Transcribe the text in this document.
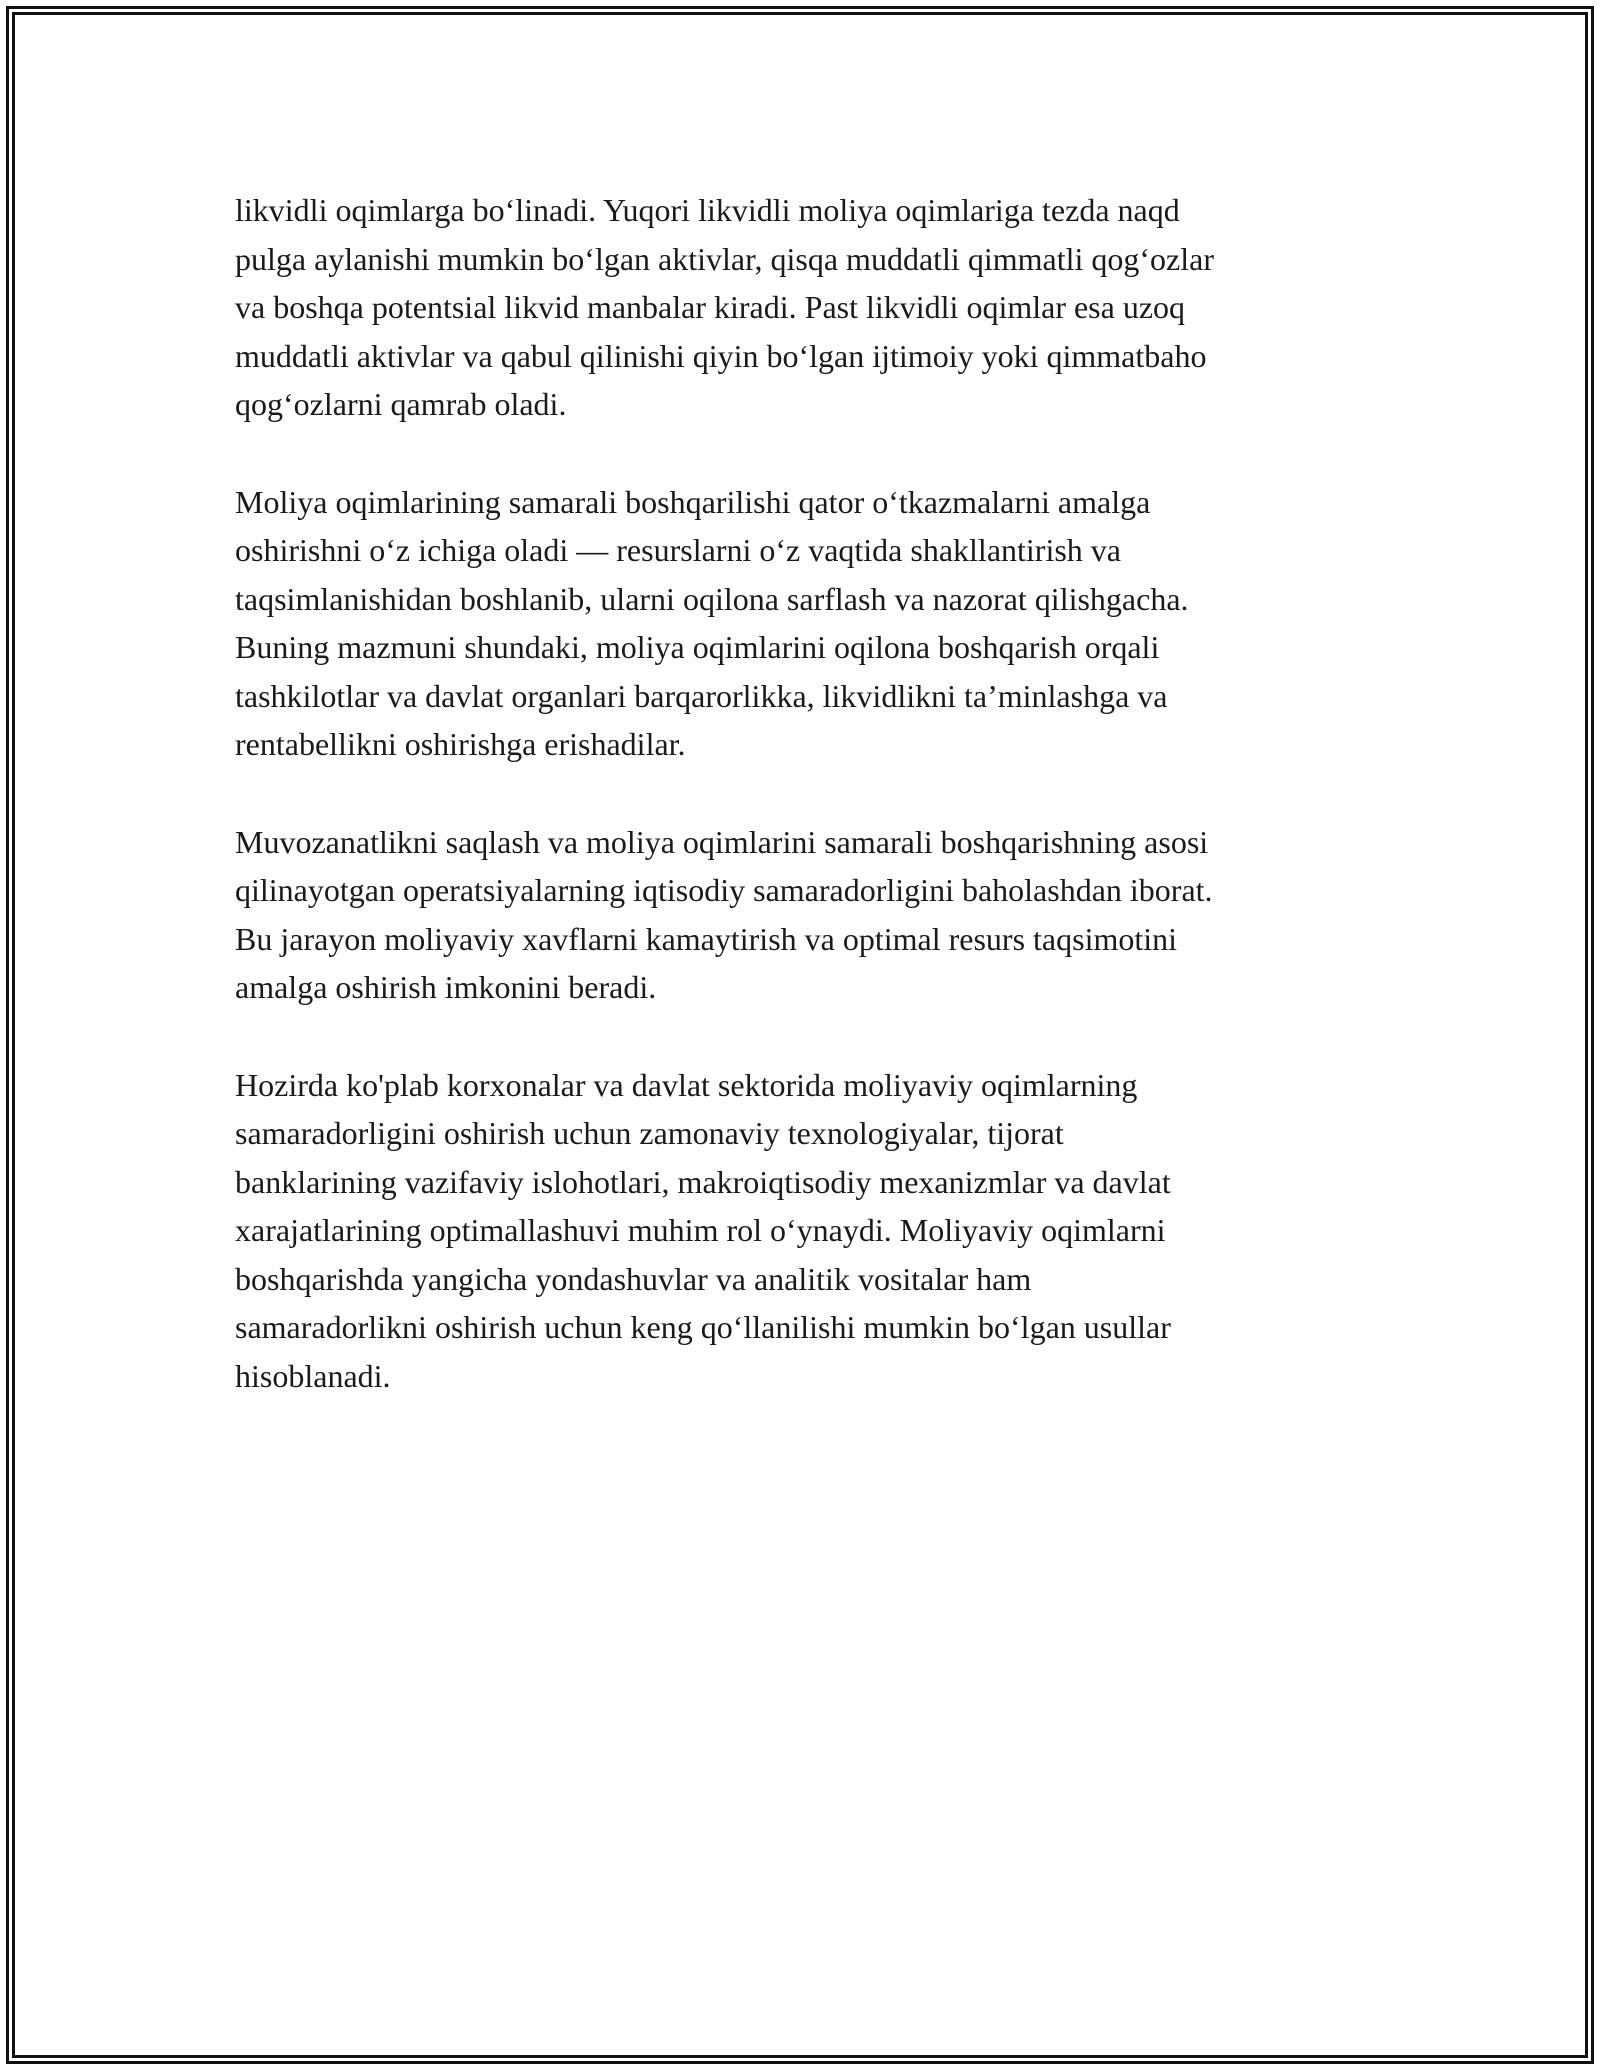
likvidli oqimlarga bo‘linadi. Yuqori likvidli moliya oqimlariga tezda naqd
pulga aylanishi mumkin bo‘lgan aktivlar, qisqa muddatli qimmatli qog‘ozlar
va boshqa potentsial likvid manbalar kiradi. Past likvidli oqimlar esa uzoq
muddatli aktivlar va qabul qilinishi qiyin bo‘lgan ijtimoiy yoki qimmatbaho
qog‘ozlarni qamrab oladi.

Moliya oqimlarining samarali boshqarilishi qator o‘tkazmalarni amalga
oshirishni o‘z ichiga oladi — resurslarni o‘z vaqtida shakllantirish va
taqsimlanishidan boshlanib, ularni oqilona sarflash va nazorat qilishgacha.
Buning mazmuni shundaki, moliya oqimlarini oqilona boshqarish orqali
tashkilotlar va davlat organlari barqarorlikka, likvidlikni ta’minlashga va
rentabellikni oshirishga erishadilar.

Muvozanatlikni saqlash va moliya oqimlarini samarali boshqarishning asosi
qilinayotgan operatsiyalarning iqtisodiy samaradorligini baholashdan iborat.
Bu jarayon moliyaviy xavflarni kamaytirish va optimal resurs taqsimotini
amalga oshirish imkonini beradi.

Hozirda ko'plab korxonalar va davlat sektorida moliyaviy oqimlarning
samaradorligini oshirish uchun zamonaviy texnologiyalar, tijorat
banklarining vazifaviy islohotlari, makroiqtisodiy mexanizmlar va davlat
xarajatlarining optimallashuvi muhim rol o‘ynaydi. Moliyaviy oqimlarni
boshqarishda yangicha yondashuvlar va analitik vositalar ham
samaradorlikni oshirish uchun keng qo‘llanilishi mumkin bo‘lgan usullar
hisoblanadi.
